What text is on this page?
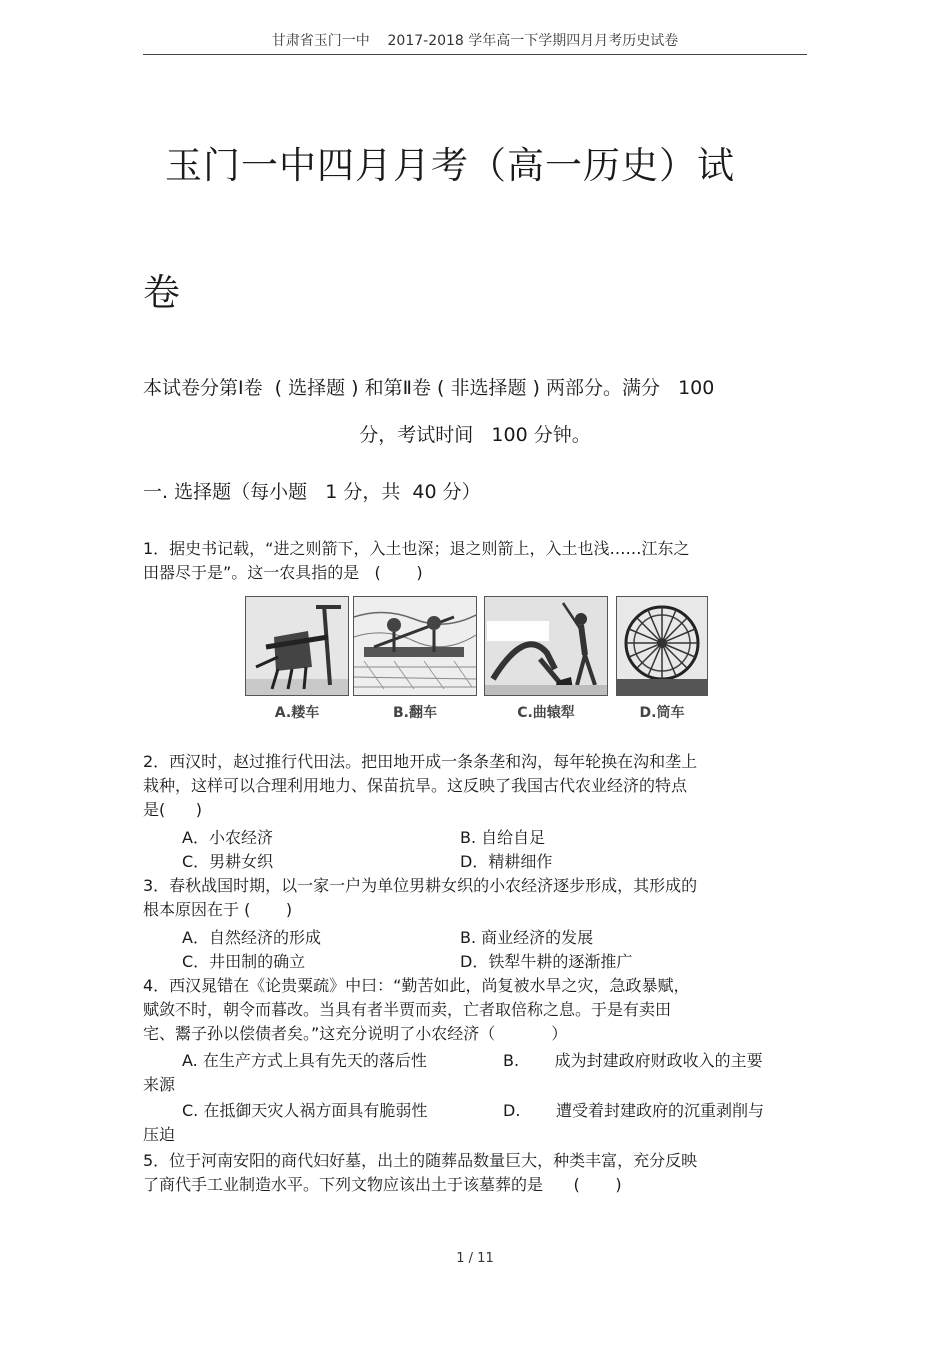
甘肃省玉门一中    2017-2018 学年高一下学期四月月考历史试卷
玉门一中四月月考（高一历史）试
卷
本试卷分第Ⅰ卷  ( 选择题 ) 和第Ⅱ卷 ( 非选择题 ) 两部分。满分   100
分，考试时间   100 分钟。
一. 选择题（每小题   1 分，共  40 分）
1．据史书记载，“进之则箭下，入土也深；退之则箭上，入土也浅……江东之
田器尽于是”。这一农具指的是   (       )
A.耧车	B.翻车	C.曲辕犁	D.筒车
2．西汉时，赵过推行代田法。把田地开成一条条垄和沟，每年轮换在沟和垄上
栽种，这样可以合理利用地力、保苗抗旱。这反映了我国古代农业经济的特点
是(      )
A．小农经济	B. 自给自足
C．男耕女织	D．精耕细作
3．春秋战国时期，以一家一户为单位男耕女织的小农经济逐步形成，其形成的
根本原因在于 (       )
A．自然经济的形成	B. 商业经济的发展
C．井田制的确立	D．铁犁牛耕的逐渐推广
4．西汉晁错在《论贵粟疏》中曰：“勤苦如此，尚复被水旱之灾，急政暴赋，
赋敛不时，朝令而暮改。当具有者半贾而卖，亡者取倍称之息。于是有卖田
宅、鬻子孙以偿债者矣。”这充分说明了小农经济（           ）
A. 在生产方式上具有先天的落后性	B.       成为封建政府财政收入的主要
来源
C. 在抵御天灾人祸方面具有脆弱性	D.       遭受着封建政府的沉重剥削与
压迫
5．位于河南安阳的商代妇好墓，出土的随葬品数量巨大，种类丰富，充分反映
了商代手工业制造水平。下列文物应该出土于该墓葬的是      (       )
1 / 11
